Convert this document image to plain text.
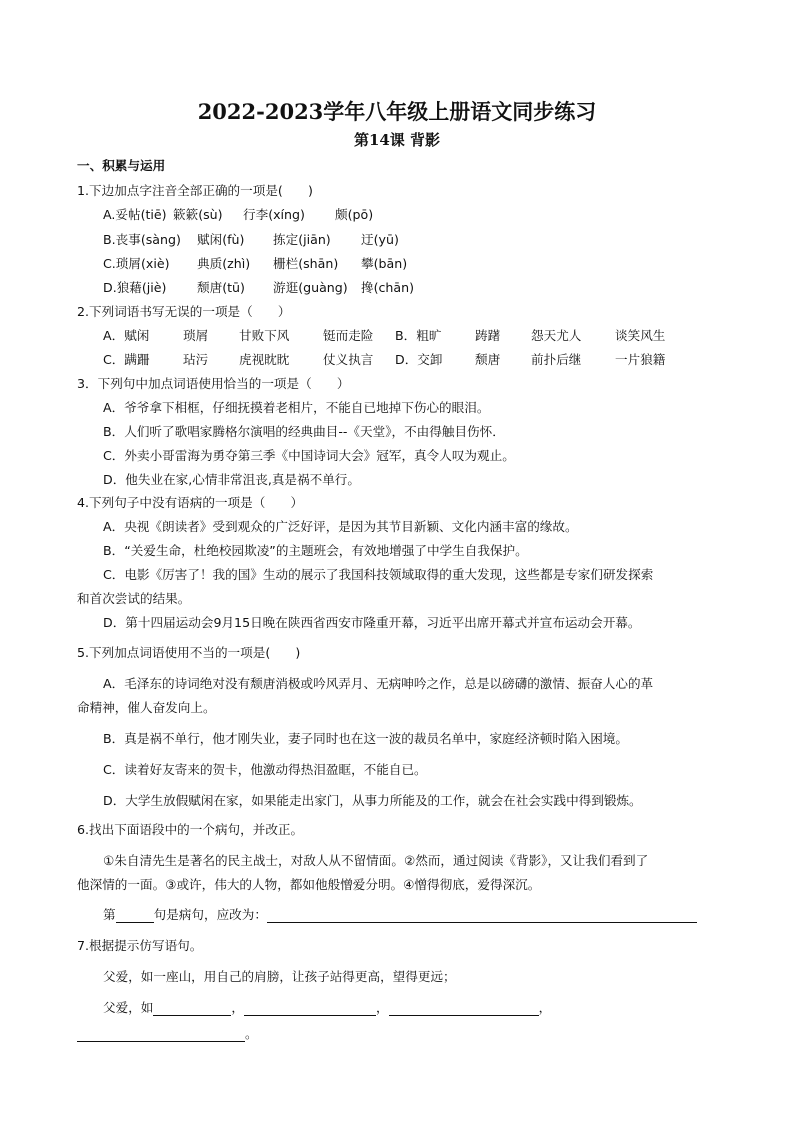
2022-2023学年八年级上册语文同步练习
第14课 背影
一、积累与运用
1.下边加点字注音全部正确的一项是(　　)
A.妥帖(tiē) 簌簌(sù) 行李(xíng) 颇(pō)
B.丧事(sàng) 赋闲(fù) 拣定(jiān) 迂(yū)
C.琐屑(xiè) 典质(zhì) 栅栏(shān) 攀(bān)
D.狼藉(jiè) 颓唐(tū) 游逛(guàng) 搀(chān)
2.下列词语书写无误的一项是（　　）
A．赋闲	琐屑 甘败下风	铤而走险 B．粗旷	踌躇 怨天尤人	谈笑风生
C．蹒跚	玷污 虎视眈眈	仗义执言 D．交卸	颓唐 前扑后继	一片狼籍
3．下列句中加点词语使用恰当的一项是（　　）
A．爷爷拿下相框，仔细抚摸着老相片，不能自已地掉下伤心的眼泪。
B．人们听了歌唱家腾格尔演唱的经典曲目--《天堂》，不由得触目伤怀．
C．外卖小哥雷海为勇夺第三季《中国诗词大会》冠军，真令人叹为观止。
D．他失业在家,心情非常沮丧,真是祸不单行。
4.下列句子中没有语病的一项是（　　）
A．央视《朗读者》受到观众的广泛好评，是因为其节目新颖、文化内涵丰富的缘故。
B．“关爱生命，杜绝校园欺凌”的主题班会，有效地增强了中学生自我保护。
C．电影《厉害了！我的国》生动的展示了我国科技领域取得的重大发现，这些都是专家们研发探索
和首次尝试的结果。
D．第十四届运动会9月15日晚在陕西省西安市隆重开幕，习近平出席开幕式并宣布运动会开幕。
5.下列加点词语使用不当的一项是(　　)
A．毛泽东的诗词绝对没有颓唐消极或吟风弄月、无病呻吟之作，总是以磅礴的激情、振奋人心的革
命精神，催人奋发向上。
B．真是祸不单行，他才刚失业，妻子同时也在这一波的裁员名单中，家庭经济顿时陷入困境。
C．读着好友寄来的贺卡，他激动得热泪盈眶，不能自已。
D．大学生放假赋闲在家，如果能走出家门，从事力所能及的工作，就会在社会实践中得到锻炼。
6.找出下面语段中的一个病句，并改正。
①朱自清先生是著名的民主战士，对敌人从不留情面。②然而，通过阅读《背影》，又让我们看到了
他深情的一面。③或许，伟大的人物，都如他般憎爱分明。④憎得彻底，爱得深沉。
第	句是病句，应改为：
7.根据提示仿写语句。
父爱，如一座山，用自己的肩膀，让孩子站得更高，望得更远；
父爱，如	，	，	，
。
